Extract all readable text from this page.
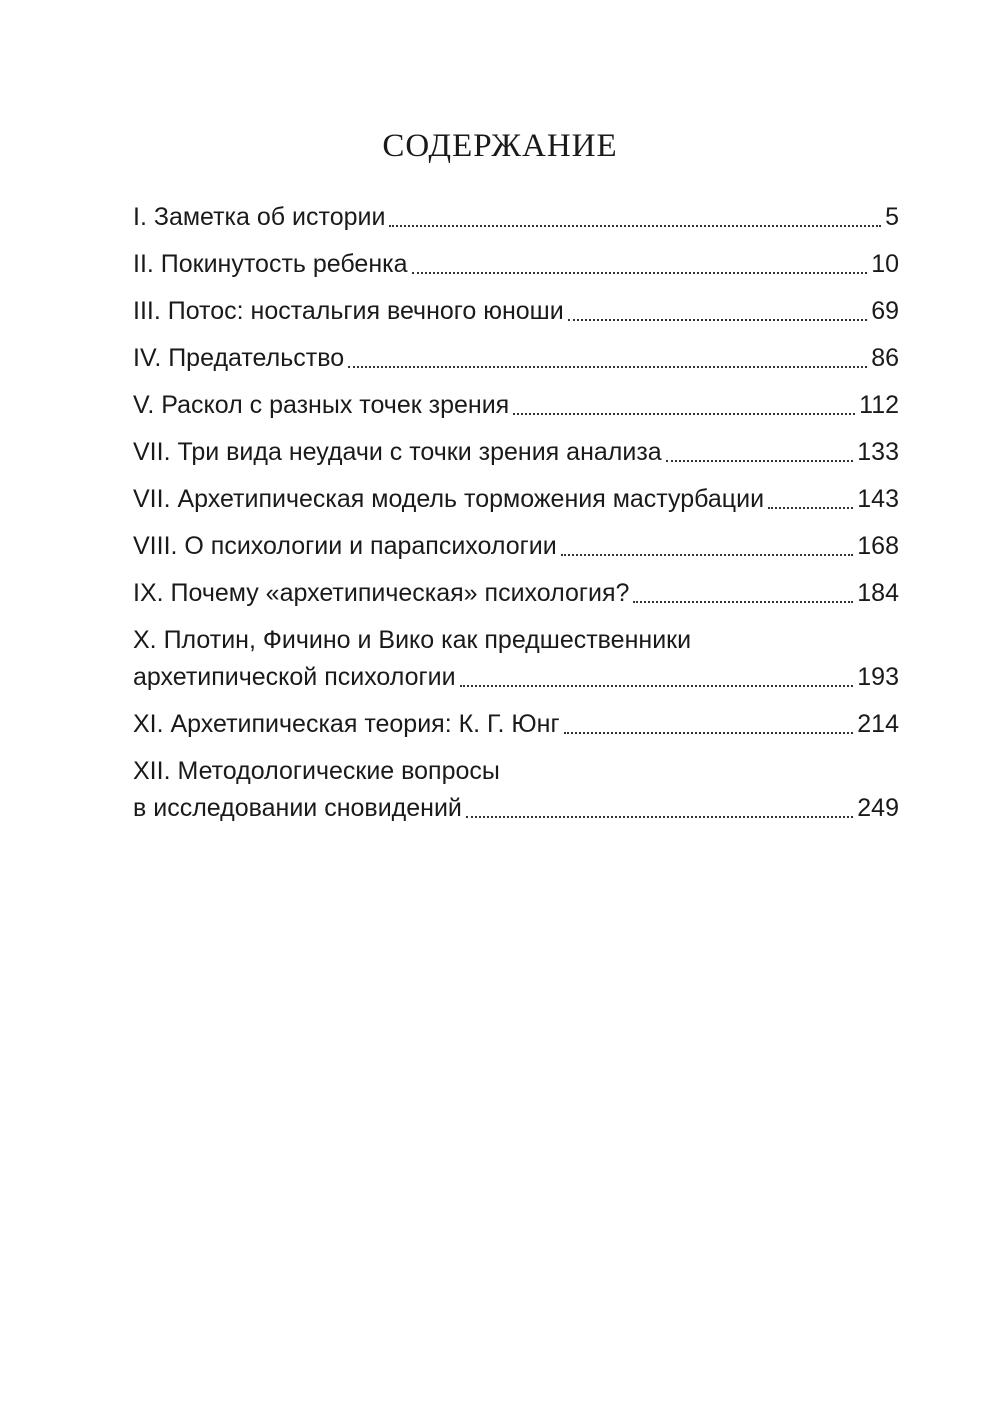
СОДЕРЖАНИЕ
I. Заметка об истории	5
II. Покинутость ребенка	10
III. Потос: ностальгия вечного юноши	69
IV. Предательство	86
V. Раскол с разных точек зрения	112
VII. Три вида неудачи с точки зрения анализа	133
VII. Архетипическая модель торможения мастурбации	143
VIII. О психологии и парапсихологии	168
IX. Почему «архетипическая» психология?	184
X. Плотин, Фичино и Вико как предшественники
архетипической психологии	193
XI. Архетипическая теория: К. Г. Юнг	214
XII. Методологические вопросы
в исследовании сновидений	249
